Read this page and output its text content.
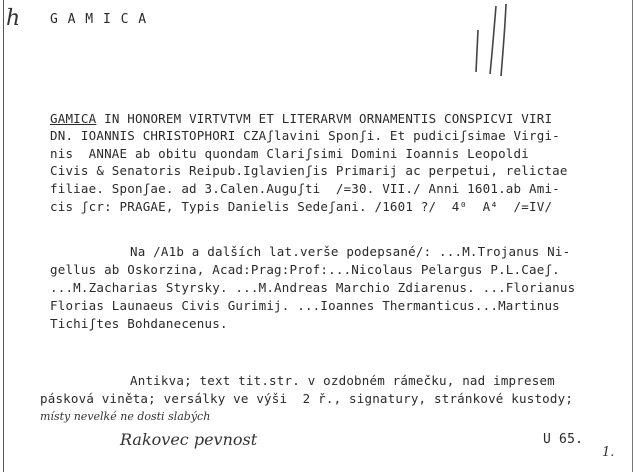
h G A M I C A
GAMICA IN HONOREM VIRTVTVM ET LITERARVM ORNAMENTIS CONSPICVI VIRI
DN. IOANNIS CHRISTOPHORI CZAʃlavini Sponʃi. Et pudiciʃsimae Virgi-
nis  ANNAE ab obitu quondam Clariʃsimi Domini Ioannis Leopoldi
Civis & Senatoris Reipub.Iglavienʃis Primarij ac perpetui, relictae
filiae. Sponʃae. ad 3.Calen.Auguʃti  /=30. VII./ Anni 1601.ab Ami-
cis ʃcr: PRAGAE, Typis Danielis Sedeʃani. /1601 ?/  4⁰  A⁴  /=IV/
Na /A1b a dalších lat.verše podepsané/: ...M.Trojanus Ni-
gellus ab Oskorzina, Acad:Prag:Prof:...Nicolaus Pelargus P.L.Caeʃ.
...M.Zacharias Styrsky. ...M.Andreas Marchio Zdiarenus. ...Florianus
Florias Launaeus Civis Gurimij. ...Ioannes Thermanticus...Martinus
Tichiʃtes Bohdanecenus.
Antikva; text tit.str. v ozdobném rámečku, nad impresem
pásková viněta; versálky ve výši  2 ř., signatury, stránkové kustody;
místy nevelké ne dosti slabých
Rakovec pevnost	U 65.
1.
